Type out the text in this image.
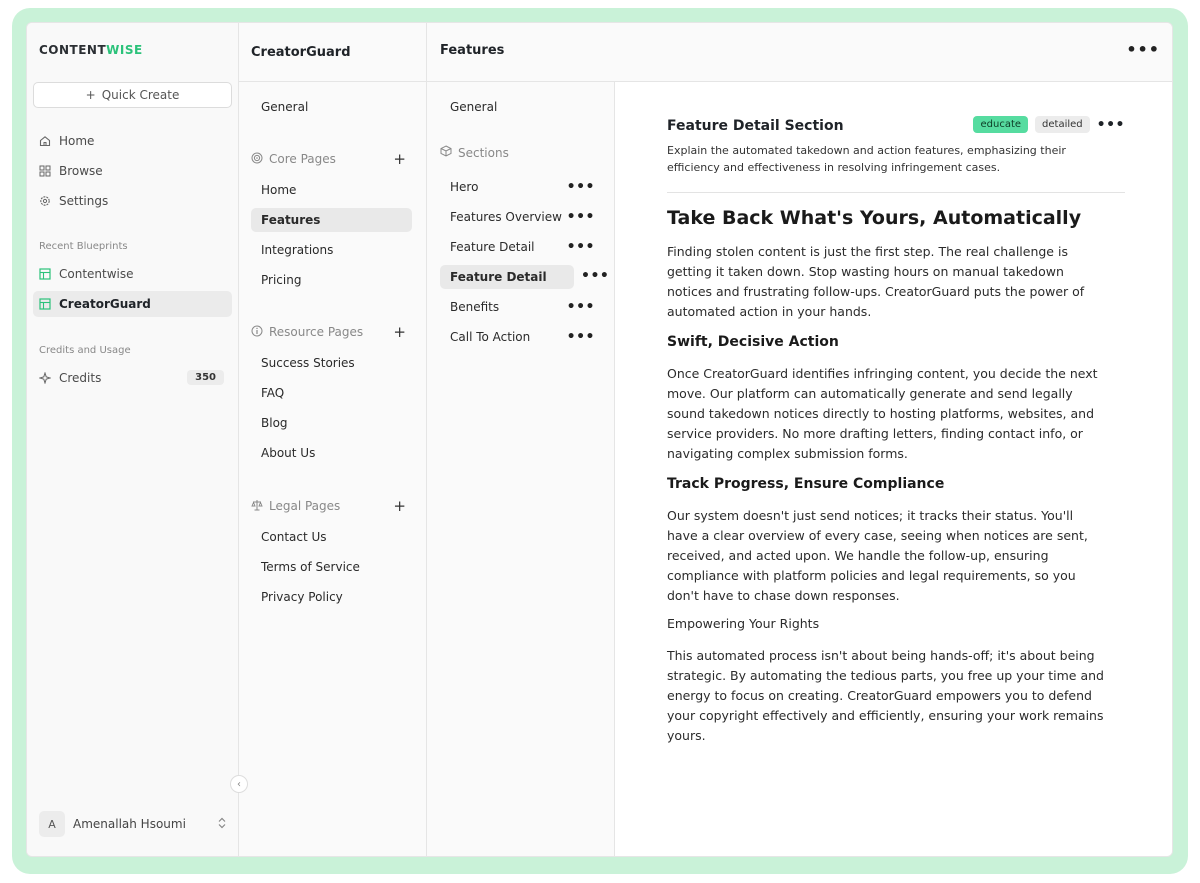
CONTENTWISE
+ Quick Create
Home
Browse
Settings
Recent Blueprints
Contentwise
CreatorGuard
Credits and Usage
Credits	350
A	Amenallah Hsoumi
‹
CreatorGuard
General
Core Pages	+
Home
Features
Integrations
Pricing
Resource Pages +
Success Stories
FAQ
Blog
About Us
Legal Pages	+
Contact Us
Terms of Service
Privacy Policy
Features	•••
General
Sections
Hero	•••
Features Overview •••
Feature Detail •••
Feature Detail •••
Benefits	•••
Call To Action	•••
Feature Detail Section	educate	detailed	•••
Explain the automated takedown and action features, emphasizing their efficiency and effectiveness in resolving infringement cases.
Take Back What's Yours, Automatically

Finding stolen content is just the first step. The real challenge is getting it taken down. Stop wasting hours on manual takedown notices and frustrating follow-ups. CreatorGuard puts the power of automated action in your hands.

Swift, Decisive Action

Once CreatorGuard identifies infringing content, you decide the next move. Our platform can automatically generate and send legally sound takedown notices directly to hosting platforms, websites, and service providers. No more drafting letters, finding contact info, or navigating complex submission forms.

Track Progress, Ensure Compliance

Our system doesn't just send notices; it tracks their status. You'll have a clear overview of every case, seeing when notices are sent, received, and acted upon. We handle the follow-up, ensuring compliance with platform policies and legal requirements, so you don't have to chase down responses.

Empowering Your Rights

This automated process isn't about being hands-off; it's about being strategic. By automating the tedious parts, you free up your time and energy to focus on creating. CreatorGuard empowers you to defend your copyright effectively and efficiently, ensuring your work remains yours.
